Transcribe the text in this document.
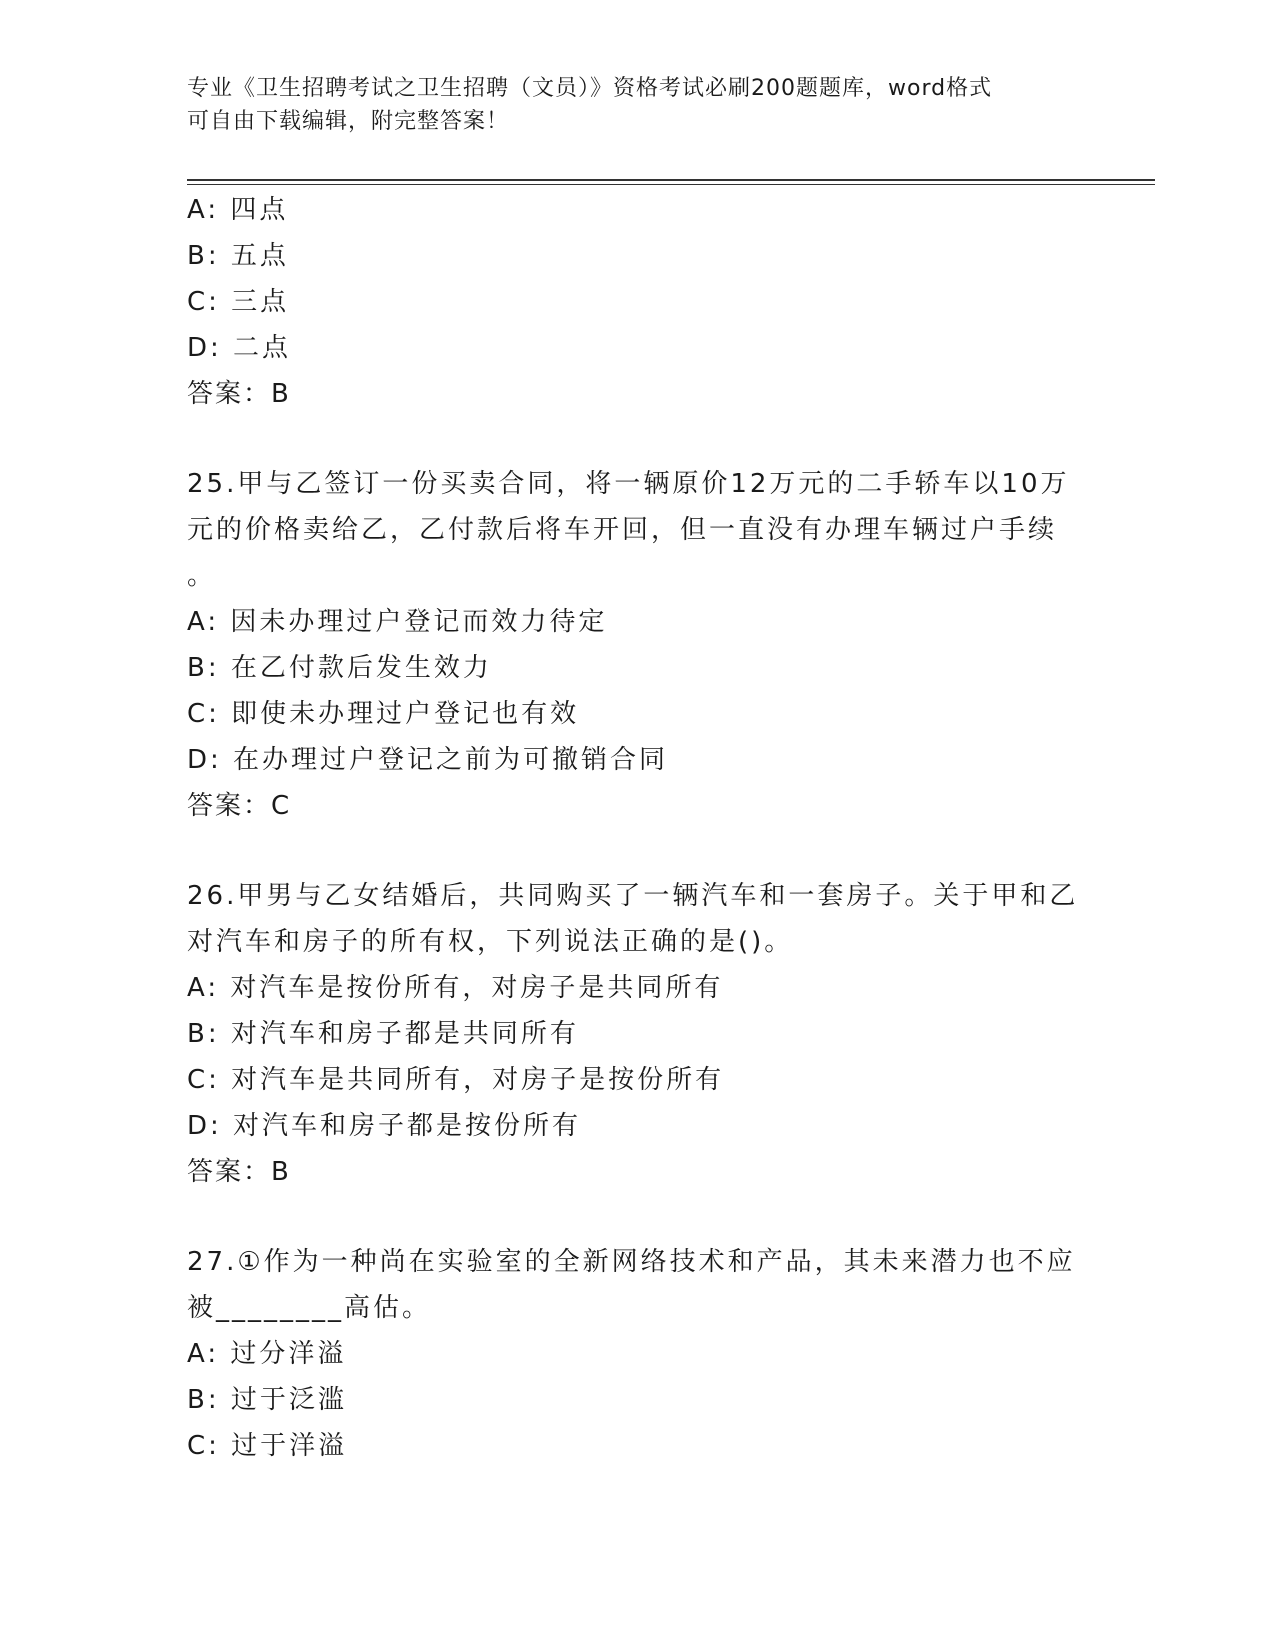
专业《卫生招聘考试之卫生招聘（文员）》资格考试必刷200题题库，word格式
可自由下载编辑，附完整答案！
A: 四点
B: 五点
C: 三点
D: 二点
答案：B
25.甲与乙签订一份买卖合同，将一辆原价12万元的二手轿车以10万
元的价格卖给乙，乙付款后将车开回，但一直没有办理车辆过户手续
。
A: 因未办理过户登记而效力待定
B: 在乙付款后发生效力
C: 即使未办理过户登记也有效
D: 在办理过户登记之前为可撤销合同
答案：C
26.甲男与乙女结婚后，共同购买了一辆汽车和一套房子。关于甲和乙
对汽车和房子的所有权，下列说法正确的是()。
A: 对汽车是按份所有，对房子是共同所有
B: 对汽车和房子都是共同所有
C: 对汽车是共同所有，对房子是按份所有
D: 对汽车和房子都是按份所有
答案：B
27.①作为一种尚在实验室的全新网络技术和产品，其未来潜力也不应
被________高估。
A: 过分洋溢
B: 过于泛滥
C: 过于洋溢
